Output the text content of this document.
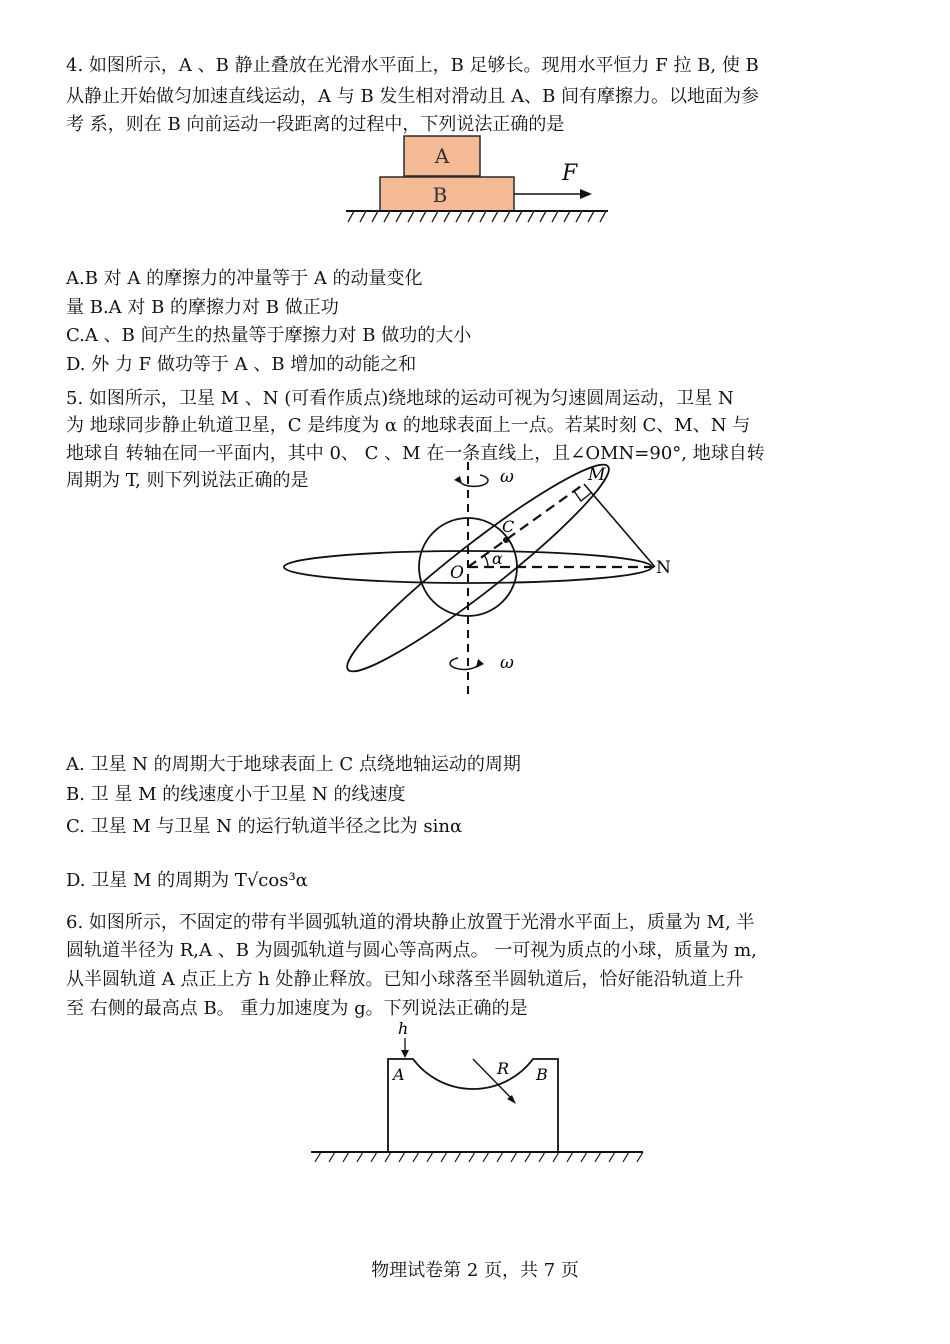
4. 如图所示，A 、B 静止叠放在光滑水平面上，B 足够长。现用水平恒力 F 拉 B, 使 B

从静止开始做匀加速直线运动，A 与 B 发生相对滑动且 A、B 间有摩擦力。以地面为参

考 系，则在 B 向前运动一段距离的过程中，下列说法正确的是

A
B
F

A.B 对 A 的摩擦力的冲量等于 A 的动量变化

量 B.A 对 B 的摩擦力对 B 做正功

C.A 、B 间产生的热量等于摩擦力对 B 做功的大小

D. 外 力 F 做功等于 A 、B 增加的动能之和

5. 如图所示，卫星 M 、N (可看作质点)绕地球的运动可视为匀速圆周运动，卫星 N

为 地球同步静止轨道卫星，C 是纬度为 α 的地球表面上一点。若某时刻 C、M、N 与

地球自 转轴在同一平面内，其中 0、 C 、M 在一条直线上，且∠OMN=90°, 地球自转

周期为 T, 则下列说法正确的是	ω
ω
C
α
O
M
N

A. 卫星 N 的周期大于地球表面上 C 点绕地轴运动的周期

B. 卫 星 M 的线速度小于卫星 N 的线速度

C. 卫星 M 与卫星 N 的运行轨道半径之比为 sinα

D. 卫星 M 的周期为 T√cos³α

6. 如图所示，不固定的带有半圆弧轨道的滑块静止放置于光滑水平面上，质量为 M, 半

圆轨道半径为 R,A 、B 为圆弧轨道与圆心等高两点。 一可视为质点的小球，质量为 m,

从半圆轨道 A 点正上方 h 处静止释放。已知小球落至半圆轨道后，恰好能沿轨道上升

至 右侧的最高点 B。 重力加速度为 g。下列说法正确的是

h
R
A	B
物理试卷第 2 页，共 7 页
